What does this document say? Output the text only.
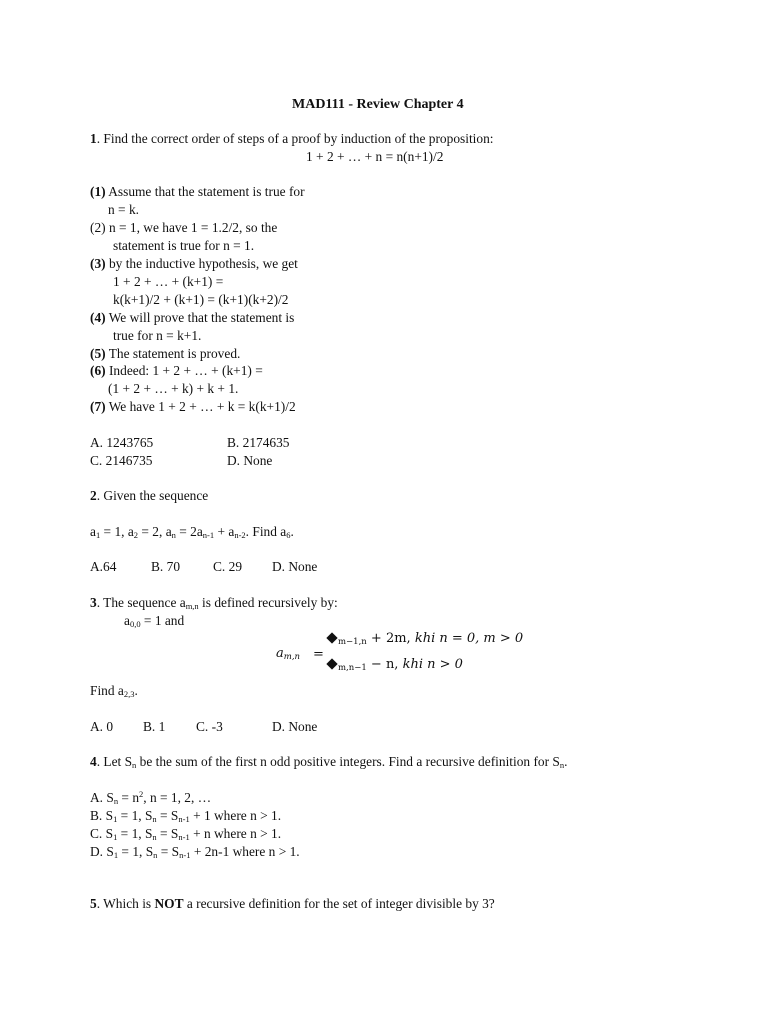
MAD111 - Review Chapter 4
1. Find the correct order of steps of a proof by induction of the proposition:
1 + 2 + … + n = n(n+1)/2
(1) Assume that the statement is true for
n = k.
(2) n = 1, we have 1 = 1.2/2, so the
statement is true for n = 1.
(3) by the inductive hypothesis, we get
1 + 2 + … + (k+1) =
k(k+1)/2 + (k+1) = (k+1)(k+2)/2
(4) We will prove that the statement is
true for n = k+1.
(5) The statement is proved.
(6) Indeed: 1 + 2 + … + (k+1) =
(1 + 2 + … + k) + k + 1.
(7) We have 1 + 2 + … + k = k(k+1)/2
A. 1243765	B. 2174635
C. 2146735	D. None
2. Given the sequence
$a_1 = 1$, $a_2 = 2$, $a_n = 2a_{n-1} + a_{n-2}$. Find $a_6$.
A.64	B. 70 C. 29 D. None
3. The sequence $a_{m,n}$ is defined recursively by:
$a_{0,0} = 1$ and
$a_{m,n}$ =
$_{m-1,n}$ + 2m, khi n = 0, m > 0
$_{m,n-1}$ − n, khi n > 0
Find $a_{2,3}$.
A. 0 B. 1 C. -3	D. None
4. Let $S_n$ be the sum of the first n odd positive integers. Find a recursive definition for $S_n$.
A. $S_n = n^2$, n = 1, 2, …
B. $S_1 = 1$, $S_n = S_{n-1} + 1$ where n > 1.
C. $S_1 = 1$, $S_n = S_{n-1} + n$ where n > 1.
D. $S_1 = 1$, $S_n = S_{n-1} + 2n-1$ where n > 1.
5. Which is NOT a recursive definition for the set of integer divisible by 3?
